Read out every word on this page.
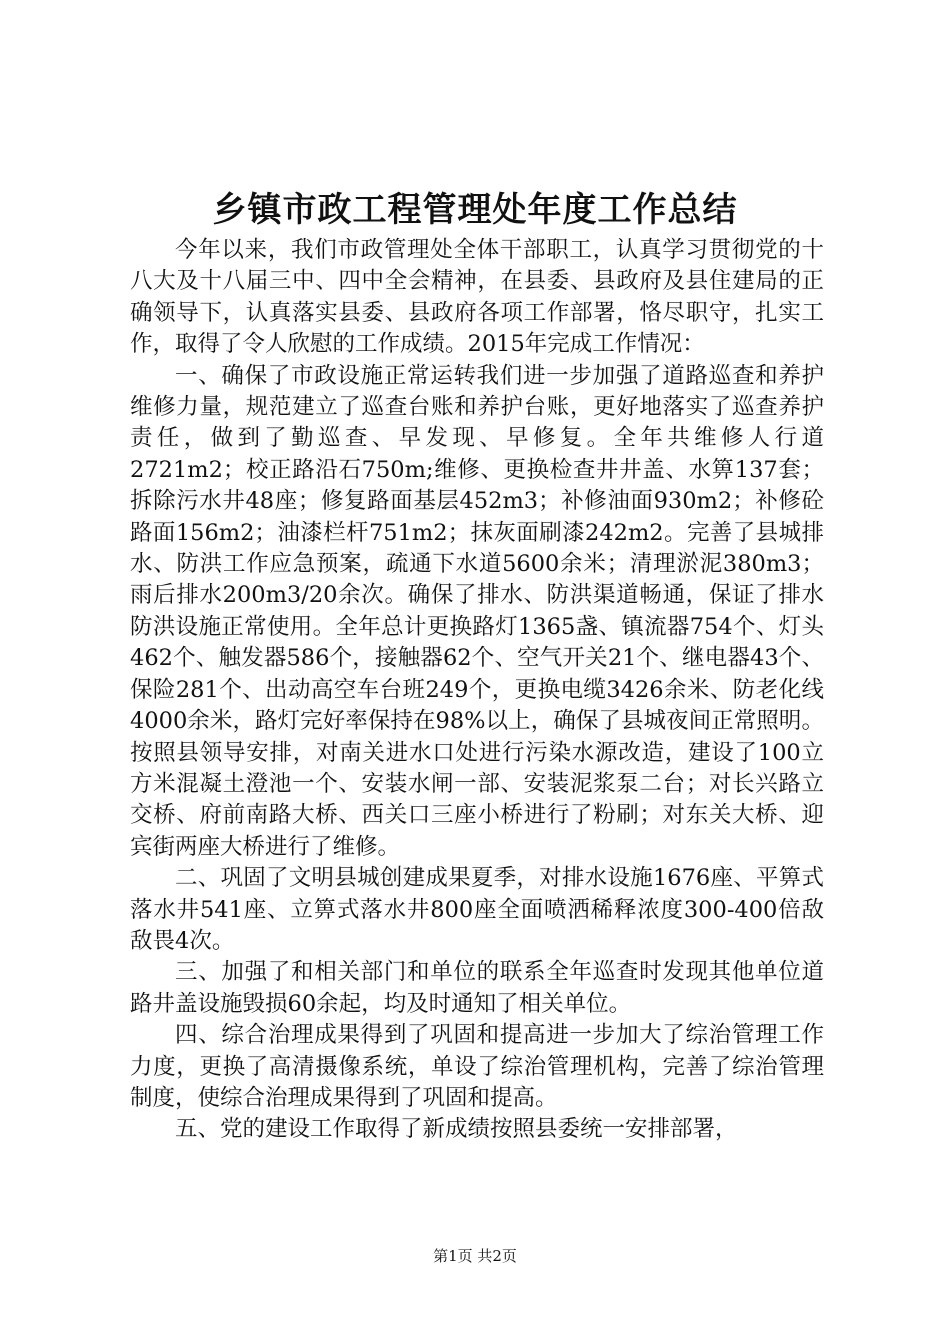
乡镇市政工程管理处年度工作总结

今年以来，我们市政管理处全体干部职工，认真学习贯彻党的十八大及十八届三中、四中全会精神，在县委、县政府及县住建局的正确领导下，认真落实县委、县政府各项工作部署，恪尽职守，扎实工作，取得了令人欣慰的工作成绩。2015年完成工作情况：

一、确保了市政设施正常运转我们进一步加强了道路巡查和养护维修力量，规范建立了巡查台账和养护台账，更好地落实了巡查养护责任，做到了勤巡查、早发现、早修复。全年共维修人行道2721m2；校正路沿石750m;维修、更换检查井井盖、水箅137套；拆除污水井48座；修复路面基层452m3；补修油面930m2；补修砼路面156m2；油漆栏杆751m2；抹灰面刷漆242m2。完善了县城排水、防洪工作应急预案，疏通下水道5600余米；清理淤泥380m3；雨后排水200m3/20余次。确保了排水、防洪渠道畅通，保证了排水防洪设施正常使用。全年总计更换路灯1365盏、镇流器754个、灯头462个、触发器586个，接触器62个、空气开关21个、继电器43个、保险281个、出动高空车台班249个，更换电缆3426余米、防老化线4000余米，路灯完好率保持在98%以上，确保了县城夜间正常照明。按照县领导安排，对南关进水口处进行污染水源改造，建设了100立方米混凝土澄池一个、安装水闸一部、安装泥浆泵二台；对长兴路立交桥、府前南路大桥、西关口三座小桥进行了粉刷；对东关大桥、迎宾街两座大桥进行了维修。

二、巩固了文明县城创建成果夏季，对排水设施1676座、平箅式落水井541座、立箅式落水井800座全面喷洒稀释浓度300-400倍敌敌畏4次。

三、加强了和相关部门和单位的联系全年巡查时发现其他单位道路井盖设施毁损60余起，均及时通知了相关单位。

四、综合治理成果得到了巩固和提高进一步加大了综治管理工作力度，更换了高清摄像系统，单设了综治管理机构，完善了综治管理制度，使综合治理成果得到了巩固和提高。

五、党的建设工作取得了新成绩按照县委统一安排部署，

第1页 共2页
